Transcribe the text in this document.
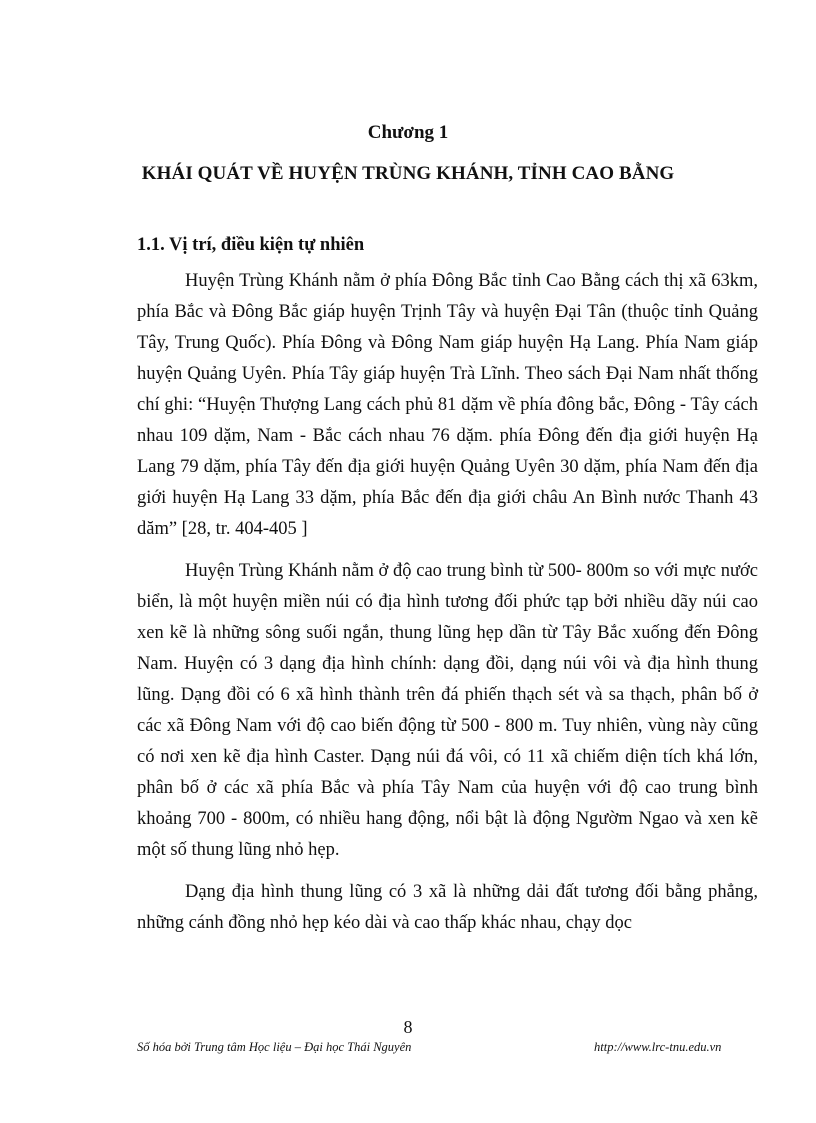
Chương 1
KHÁI QUÁT VỀ HUYỆN TRÙNG KHÁNH, TỈNH CAO BẰNG
1.1. Vị trí, điều kiện tự nhiên

Huyện Trùng Khánh nằm ở phía Đông Bắc tỉnh Cao Bằng cách thị xã 63km, phía Bắc và Đông Bắc giáp huyện Trịnh Tây và huyện Đại Tân (thuộc tỉnh Quảng Tây, Trung Quốc). Phía Đông và Đông Nam giáp huyện Hạ Lang. Phía Nam giáp huyện Quảng Uyên. Phía Tây giáp huyện Trà Lĩnh. Theo sách Đại Nam nhất thống chí ghi: “Huyện Thượng Lang cách phủ 81 dặm về phía đông bắc, Đông - Tây cách nhau 109 dặm, Nam - Bắc cách nhau 76 dặm. phía Đông đến địa giới huyện Hạ Lang 79 dặm, phía Tây đến địa giới huyện Quảng Uyên 30 dặm, phía Nam đến địa giới huyện Hạ Lang 33 dặm, phía Bắc đến địa giới châu An Bình nước Thanh 43 dăm” [28, tr. 404-405 ]

Huyện Trùng Khánh nằm ở độ cao trung bình từ 500- 800m so với mực nước biển, là một huyện miền núi có địa hình tương đối phức tạp bởi nhiều dãy núi cao xen kẽ là những sông suối ngắn, thung lũng hẹp dần từ Tây Bắc xuống đến Đông Nam. Huyện có 3 dạng địa hình chính: dạng đồi, dạng núi vôi và địa hình thung lũng. Dạng đồi có 6 xã hình thành trên đá phiến thạch sét và sa thạch, phân bố ở các xã Đông Nam với độ cao biến động từ 500 - 800 m. Tuy nhiên, vùng này cũng có nơi xen kẽ địa hình Caster. Dạng núi đá vôi, có 11 xã chiếm diện tích khá lớn, phân bố ở các xã phía Bắc và phía Tây Nam của huyện với độ cao trung bình khoảng 700 - 800m, có nhiều hang động, nổi bật là động Ngườm Ngao và xen kẽ một số thung lũng nhỏ hẹp.

Dạng địa hình thung lũng có 3 xã là những dải đất tương đối bằng phẳng, những cánh đồng nhỏ hẹp kéo dài và cao thấp khác nhau, chạy dọc

8
Số hóa bởi Trung tâm Học liệu – Đại học Thái Nguyên	http://www.lrc-tnu.edu.vn
